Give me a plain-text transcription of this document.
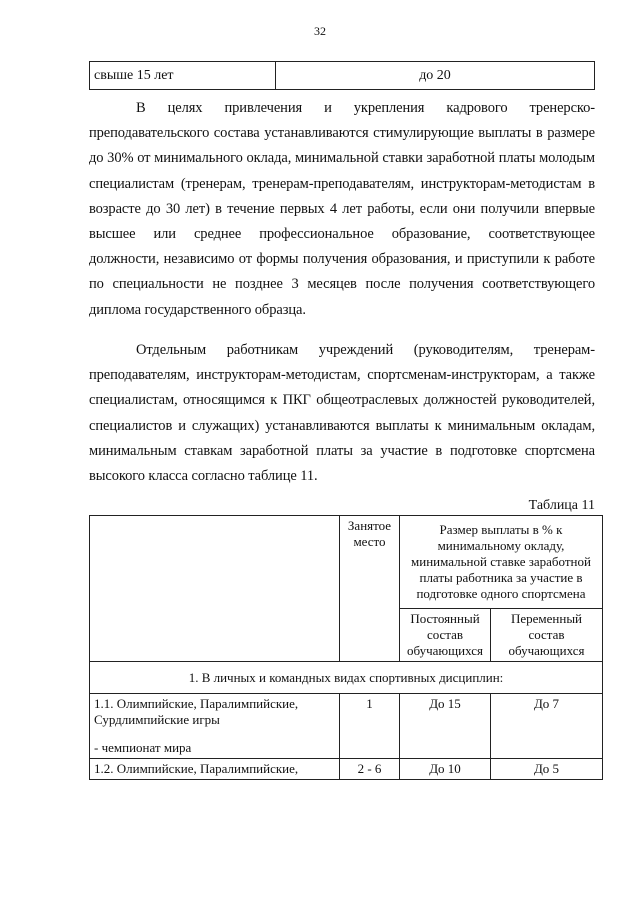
32
свыше 15 лет	до 20

В целях привлечения и укрепления кадрового тренерско-преподавательского состава устанавливаются стимулирующие выплаты в размере до 30% от минимального оклада, минимальной ставки заработной платы молодым специалистам (тренерам, тренерам-преподавателям, инструкторам-методистам в возрасте до 30 лет) в течение первых 4 лет работы, если они получили впервые высшее или среднее профессиональное образование, соответствующее должности, независимо от формы получения образования, и приступили к работе по специальности не позднее 3 месяцев после получения соответствующего диплома государственного образца.

Отдельным работникам учреждений (руководителям, тренерам-преподавателям, инструкторам-методистам, спортсменам-инструкторам, а также специалистам, относящимся к ПКГ общеотраслевых должностей руководителей, специалистов и служащих) устанавливаются выплаты к минимальным окладам, минимальным ставкам заработной платы за участие в подготовке спортсмена высокого класса согласно таблице 11.

Таблица 11
	Занятое место	Размер выплаты в % к минимальному окладу, минимальной ставке заработной платы работника за участие в подготовке одного спортсмена	
		Постоянный состав обучающихся	Переменный состав обучающихся
1. В личных и командных видах спортивных дисциплин:			
1.1. Олимпийские, Паралимпийские, Сурдлимпийские игры
- чемпионат мира	1	До 15	До 7
1.2. Олимпийские, Паралимпийские,	2 - 6	До 10	До 5
